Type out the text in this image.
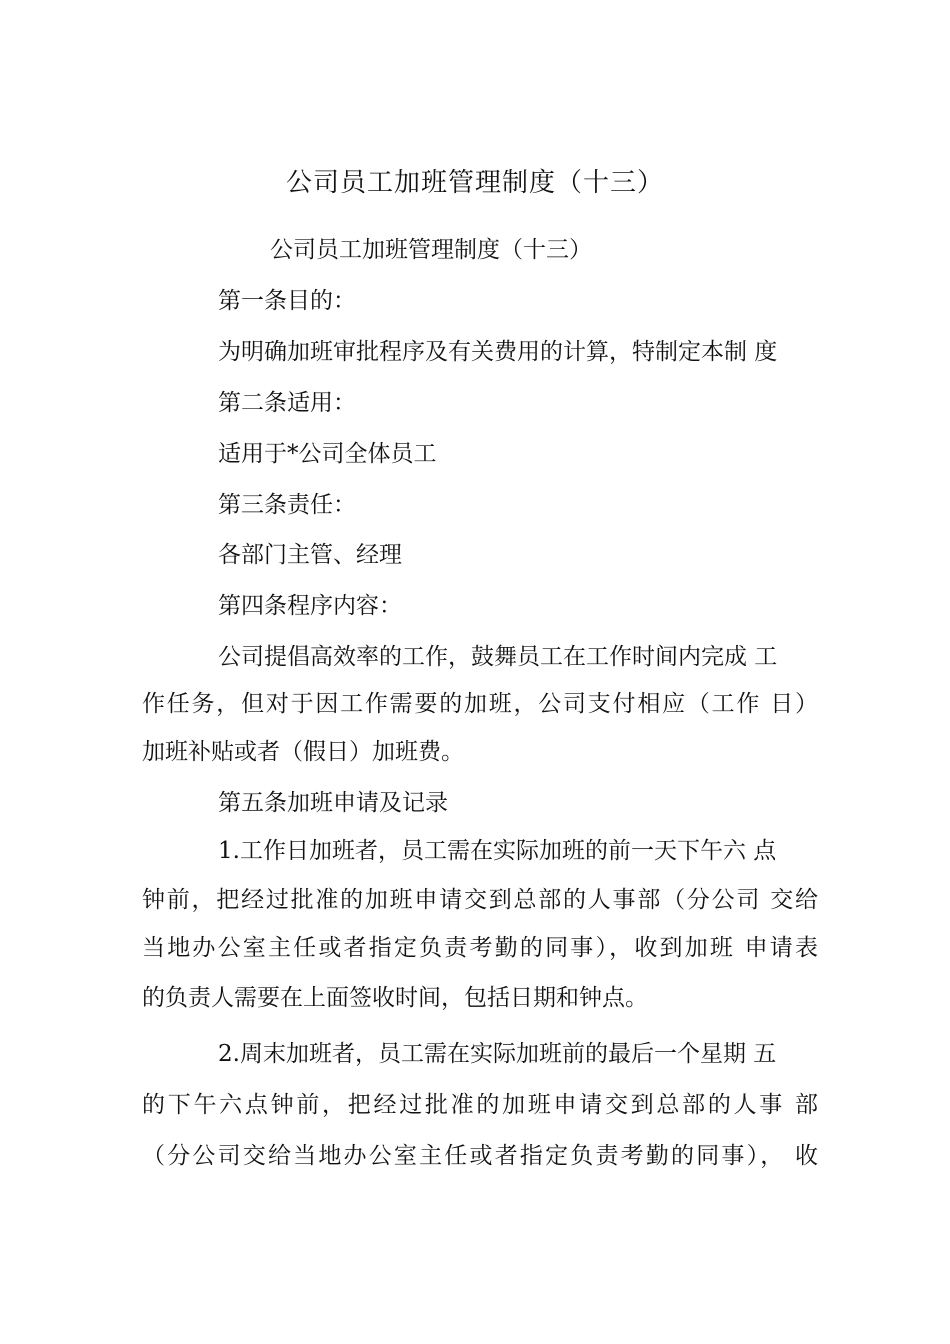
公司员工加班管理制度（十三）
公司员工加班管理制度（十三）
第一条目的：
为明确加班审批程序及有关费用的计算，特制定本制 度
第二条适用：
适用于*公司全体员工
第三条责任：
各部门主管、经理
第四条程序内容：
公司提倡高效率的工作，鼓舞员工在工作时间内完成 工
作任务，但对于因工作需要的加班，公司支付相应（工作 日）
加班补贴或者（假日）加班费。
第五条加班申请及记录
1.工作日加班者，员工需在实际加班的前一天下午六 点
钟前，把经过批准的加班申请交到总部的人事部（分公司 交给
当地办公室主任或者指定负责考勤的同事），收到加班 申请表
的负责人需要在上面签收时间，包括日期和钟点。
2.周末加班者，员工需在实际加班前的最后一个星期 五
的下午六点钟前，把经过批准的加班申请交到总部的人事 部
（分公司交给当地办公室主任或者指定负责考勤的同事）， 收
